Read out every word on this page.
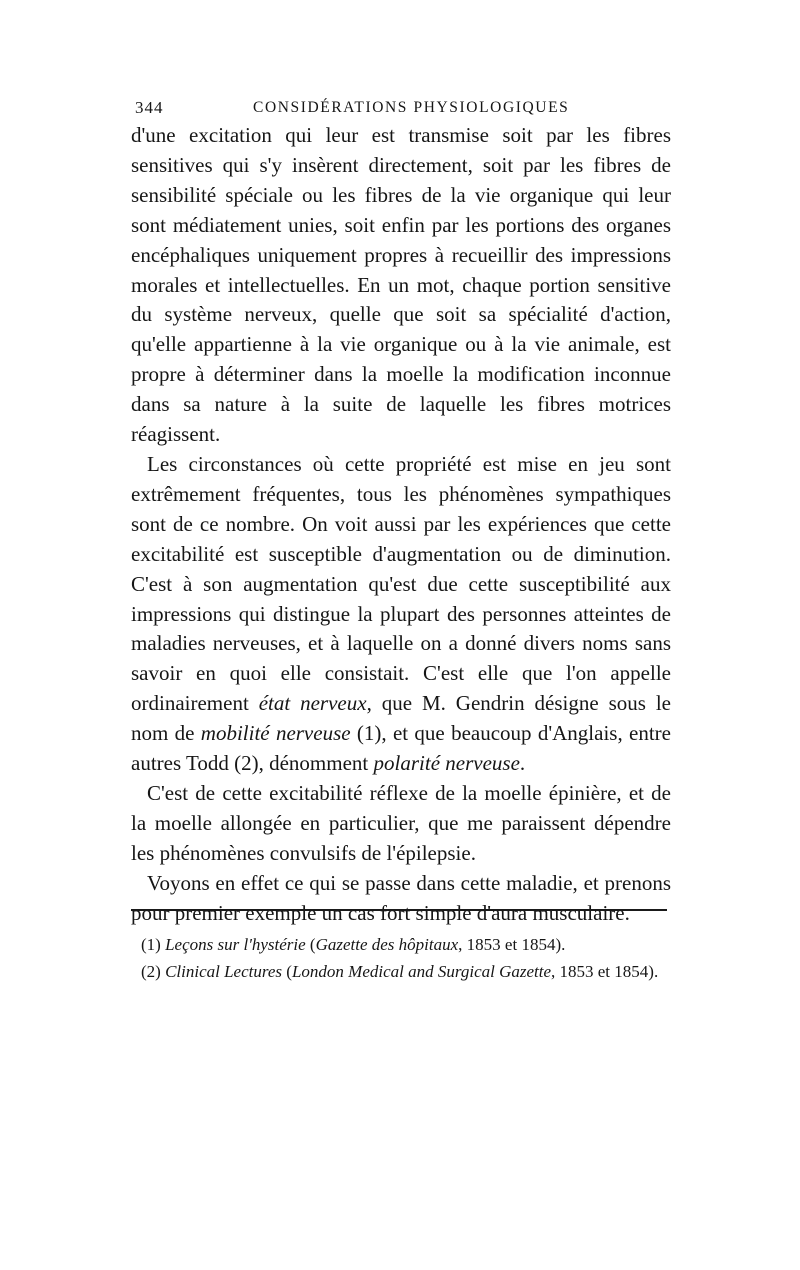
344	CONSIDÉRATIONS PHYSIOLOGIQUES

d'une excitation qui leur est transmise soit par les fibres sensitives qui s'y insèrent directement, soit par les fibres de sensibilité spéciale ou les fibres de la vie organique qui leur sont médiatement unies, soit enfin par les portions des organes encéphaliques uniquement propres à recueillir des impressions morales et intellectuelles. En un mot, chaque portion sensitive du système nerveux, quelle que soit sa spécialité d'action, qu'elle appartienne à la vie organique ou à la vie animale, est propre à déterminer dans la moelle la modification inconnue dans sa nature à la suite de laquelle les fibres motrices réagissent.

Les circonstances où cette propriété est mise en jeu sont extrêmement fréquentes, tous les phénomènes sympathiques sont de ce nombre. On voit aussi par les expériences que cette excitabilité est susceptible d'augmentation ou de diminution. C'est à son augmentation qu'est due cette susceptibilité aux impressions qui distingue la plupart des personnes atteintes de maladies nerveuses, et à laquelle on a donné divers noms sans savoir en quoi elle consistait. C'est elle que l'on appelle ordinairement état nerveux, que M. Gendrin désigne sous le nom de mobilité nerveuse (1), et que beaucoup d'Anglais, entre autres Todd (2), dénomment polarité nerveuse.

C'est de cette excitabilité réflexe de la moelle épinière, et de la moelle allongée en particulier, que me paraissent dépendre les phénomènes convulsifs de l'épilepsie.

Voyons en effet ce qui se passe dans cette maladie, et prenons pour premier exemple un cas fort simple d'aura musculaire.

(1) Leçons sur l'hystérie (Gazette des hôpitaux, 1853 et 1854).

(2) Clinical Lectures (London Medical and Surgical Gazette, 1853 et 1854).
